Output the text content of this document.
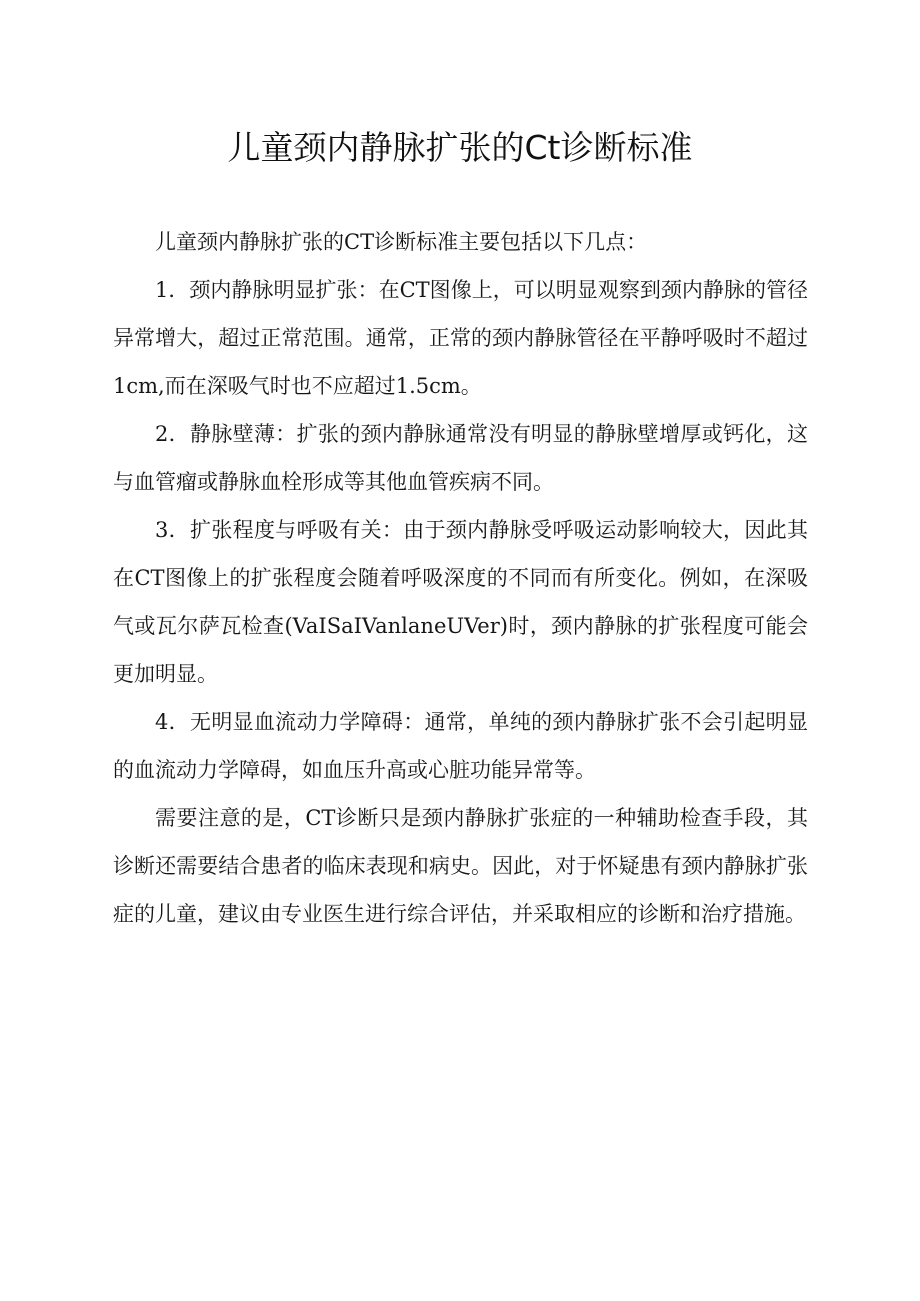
儿童颈内静脉扩张的Ct诊断标准

儿童颈内静脉扩张的CT诊断标准主要包括以下几点：

1．颈内静脉明显扩张：在CT图像上，可以明显观察到颈内静脉的管径异常增大，超过正常范围。通常，正常的颈内静脉管径在平静呼吸时不超过1cm,而在深吸气时也不应超过1.5cm。

2．静脉壁薄：扩张的颈内静脉通常没有明显的静脉壁增厚或钙化，这与血管瘤或静脉血栓形成等其他血管疾病不同。

3．扩张程度与呼吸有关：由于颈内静脉受呼吸运动影响较大，因此其在CT图像上的扩张程度会随着呼吸深度的不同而有所变化。例如，在深吸气或瓦尔萨瓦检查(VaISaIVanlaneUVer)时，颈内静脉的扩张程度可能会更加明显。

4．无明显血流动力学障碍：通常，单纯的颈内静脉扩张不会引起明显的血流动力学障碍，如血压升高或心脏功能异常等。

需要注意的是，CT诊断只是颈内静脉扩张症的一种辅助检查手段，其诊断还需要结合患者的临床表现和病史。因此，对于怀疑患有颈内静脉扩张症的儿童，建议由专业医生进行综合评估，并采取相应的诊断和治疗措施。
